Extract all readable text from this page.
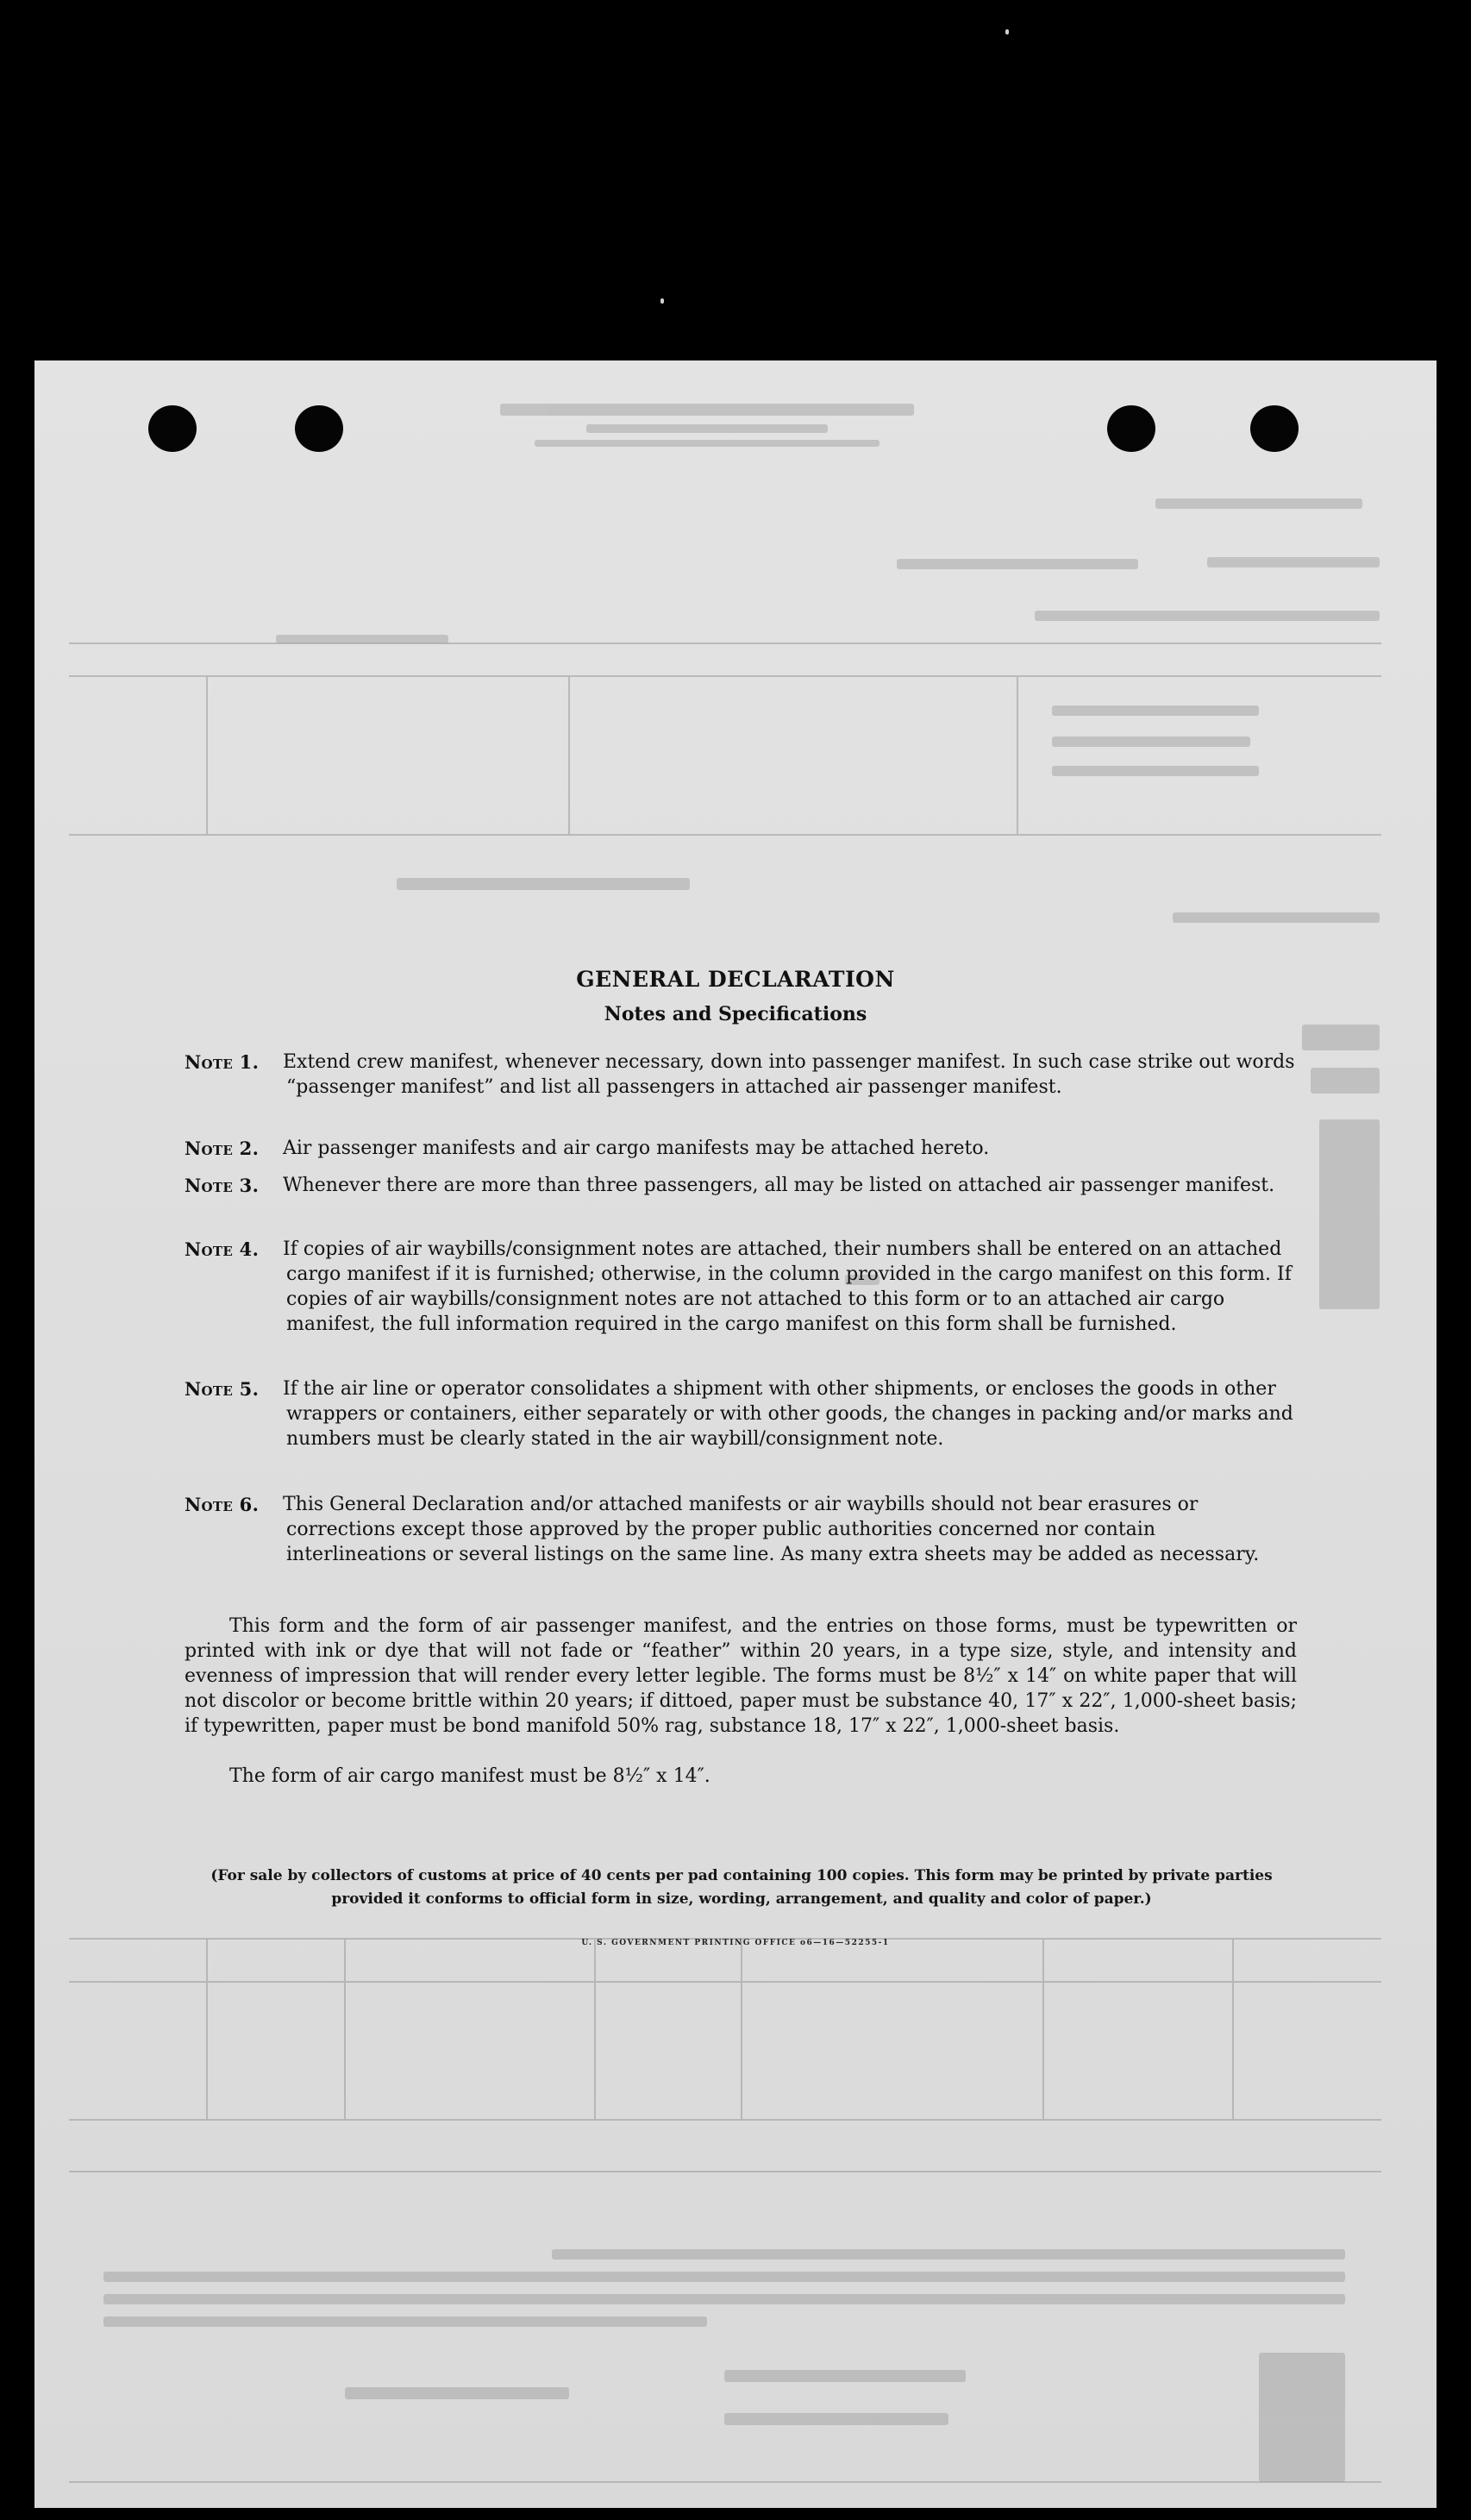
GENERAL DECLARATION
Notes and Specifications
Note 1.	Extend crew manifest, whenever necessary, down into passenger manifest. In such case strike out words “passenger manifest” and list all passengers in attached air passenger manifest.
Note 2.	Air passenger manifests and air cargo manifests may be attached hereto.
Note 3.	Whenever there are more than three passengers, all may be listed on attached air passenger manifest.
Note 4.	If copies of air waybills/consignment notes are attached, their numbers shall be entered on an attached cargo manifest if it is furnished; otherwise, in the column provided in the cargo manifest on this form. If copies of air waybills/consignment notes are not attached to this form or to an attached air cargo manifest, the full information required in the cargo manifest on this form shall be furnished.
Note 5.	If the air line or operator consolidates a shipment with other shipments, or encloses the goods in other wrappers or containers, either separately or with other goods, the changes in packing and/or marks and numbers must be clearly stated in the air waybill/consignment note.
Note 6.	This General Declaration and/or attached manifests or air waybills should not bear erasures or corrections except those approved by the proper public authorities concerned nor contain interlineations or several listings on the same line. As many extra sheets may be added as necessary.
This form and the form of air passenger manifest, and the entries on those forms, must be typewritten or printed with ink or dye that will not fade or “feather” within 20 years, in a type size, style, and intensity and evenness of impression that will render every letter legible. The forms must be 8½″ x 14″ on white paper that will not discolor or become brittle within 20 years; if dittoed, paper must be substance 40, 17″ x 22″, 1,000-sheet basis; if typewritten, paper must be bond manifold 50% rag, substance 18, 17″ x 22″, 1,000-sheet basis.
The form of air cargo manifest must be 8½″ x 14″.
(For sale by collectors of customs at price of 40 cents per pad containing 100 copies. This form may be printed by private parties provided it conforms to official form in size, wording, arrangement, and quality and color of paper.)
U. S. GOVERNMENT PRINTING OFFICE o6—16—52255-1
